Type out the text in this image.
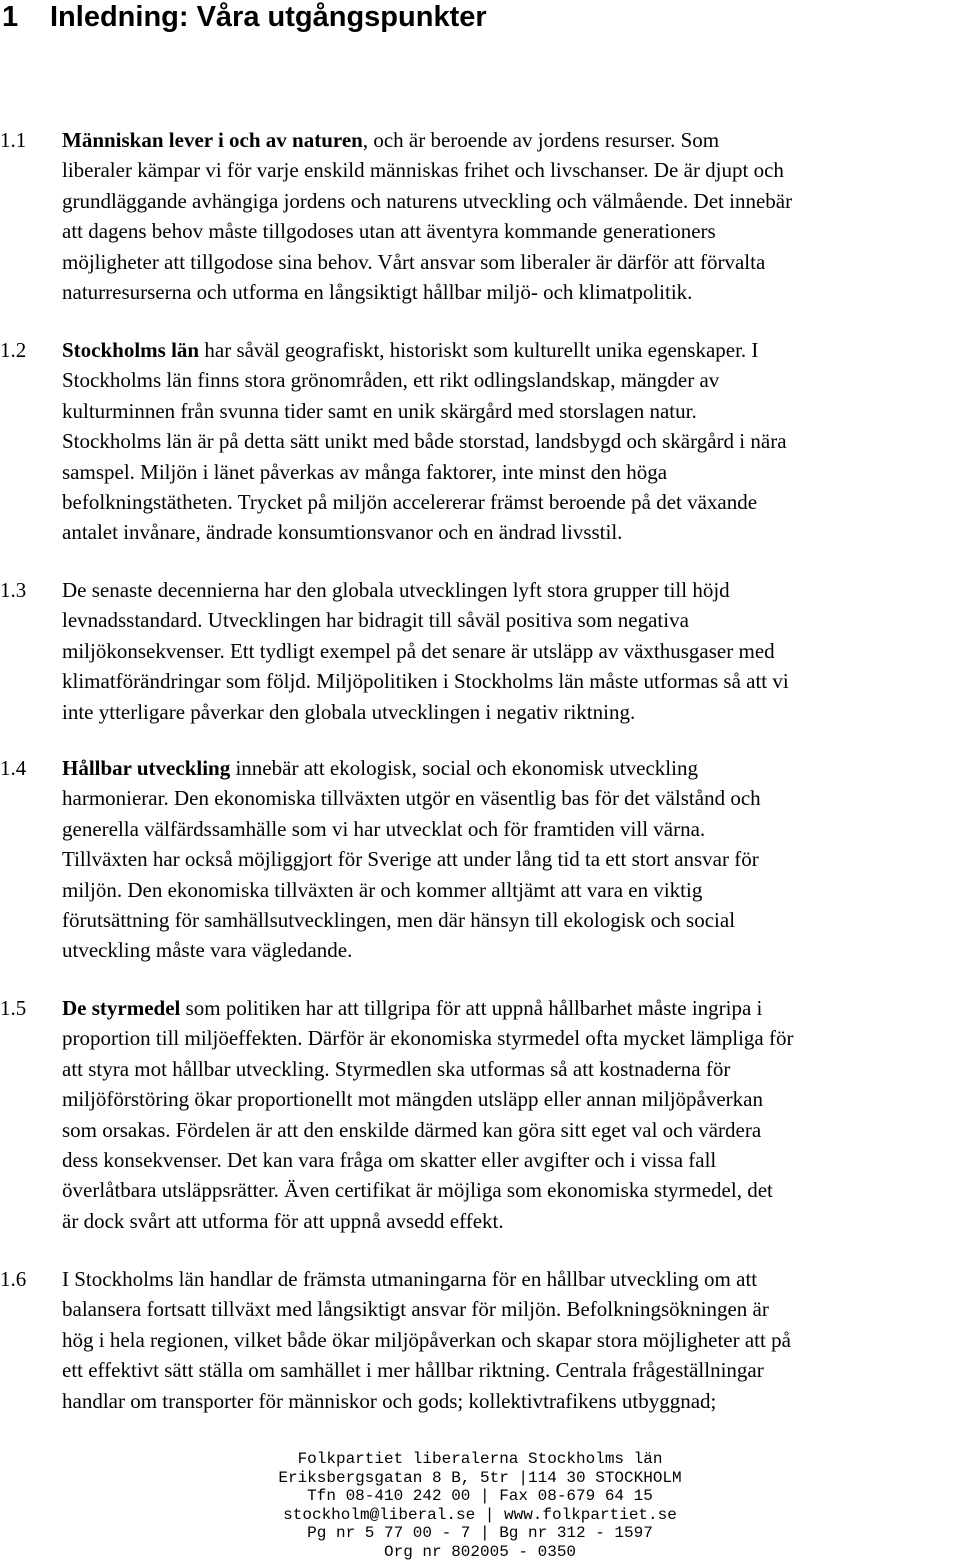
1 Inledning: Våra utgångspunkter
1.1 Människan lever i och av naturen, och är beroende av jordens resurser. Som
liberaler kämpar vi för varje enskild människas frihet och livschanser. De är djupt och
grundläggande avhängiga jordens och naturens utveckling och välmående. Det innebär
att dagens behov måste tillgodoses utan att äventyra kommande generationers
möjligheter att tillgodose sina behov. Vårt ansvar som liberaler är därför att förvalta
naturresurserna och utforma en långsiktigt hållbar miljö- och klimatpolitik.
1.2 Stockholms län har såväl geografiskt, historiskt som kulturellt unika egenskaper. I
Stockholms län finns stora grönområden, ett rikt odlingslandskap, mängder av
kulturminnen från svunna tider samt en unik skärgård med storslagen natur.
Stockholms län är på detta sätt unikt med både storstad, landsbygd och skärgård i nära
samspel. Miljön i länet påverkas av många faktorer, inte minst den höga
befolkningstätheten. Trycket på miljön accelererar främst beroende på det växande
antalet invånare, ändrade konsumtionsvanor och en ändrad livsstil.
1.3 De senaste decennierna har den globala utvecklingen lyft stora grupper till höjd
levnadsstandard. Utvecklingen har bidragit till såväl positiva som negativa
miljökonsekvenser. Ett tydligt exempel på det senare är utsläpp av växthusgaser med
klimatförändringar som följd. Miljöpolitiken i Stockholms län måste utformas så att vi
inte ytterligare påverkar den globala utvecklingen i negativ riktning.
1.4 Hållbar utveckling innebär att ekologisk, social och ekonomisk utveckling
harmonierar. Den ekonomiska tillväxten utgör en väsentlig bas för det välstånd och
generella välfärdssamhälle som vi har utvecklat och för framtiden vill värna.
Tillväxten har också möjliggjort för Sverige att under lång tid ta ett stort ansvar för
miljön. Den ekonomiska tillväxten är och kommer alltjämt att vara en viktig
förutsättning för samhällsutvecklingen, men där hänsyn till ekologisk och social
utveckling måste vara vägledande.
1.5 De styrmedel som politiken har att tillgripa för att uppnå hållbarhet måste ingripa i
proportion till miljöeffekten. Därför är ekonomiska styrmedel ofta mycket lämpliga för
att styra mot hållbar utveckling. Styrmedlen ska utformas så att kostnaderna för
miljöförstöring ökar proportionellt mot mängden utsläpp eller annan miljöpåverkan
som orsakas. Fördelen är att den enskilde därmed kan göra sitt eget val och värdera
dess konsekvenser. Det kan vara fråga om skatter eller avgifter och i vissa fall
överlåtbara utsläppsrätter. Även certifikat är möjliga som ekonomiska styrmedel, det
är dock svårt att utforma för att uppnå avsedd effekt.
1.6 I Stockholms län handlar de främsta utmaningarna för en hållbar utveckling om att
balansera fortsatt tillväxt med långsiktigt ansvar för miljön. Befolkningsökningen är
hög i hela regionen, vilket både ökar miljöpåverkan och skapar stora möjligheter att på
ett effektivt sätt ställa om samhället i mer hållbar riktning. Centrala frågeställningar
handlar om transporter för människor och gods; kollektivtrafikens utbyggnad;
Folkpartiet liberalerna Stockholms län
Eriksbergsgatan 8 B, 5tr |114 30 STOCKHOLM
Tfn 08-410 242 00 | Fax 08-679 64 15
stockholm@liberal.se | www.folkpartiet.se
Pg nr 5 77 00 - 7 | Bg nr 312 - 1597
Org nr 802005 - 0350
